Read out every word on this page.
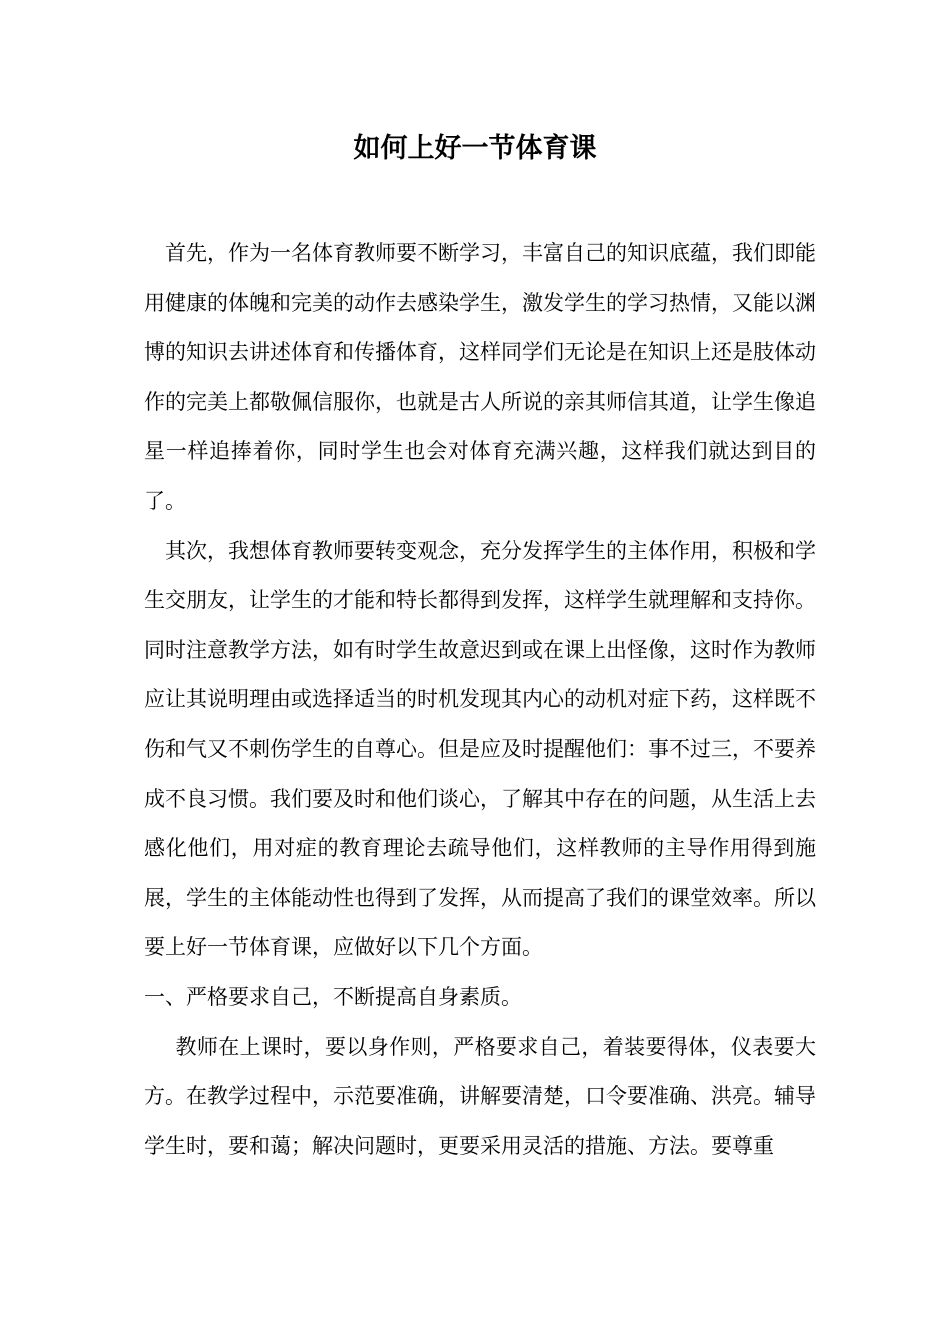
如何上好一节体育课

首先，作为一名体育教师要不断学习，丰富自己的知识底蕴，我们即能用健康的体魄和完美的动作去感染学生，激发学生的学习热情，又能以渊博的知识去讲述体育和传播体育，这样同学们无论是在知识上还是肢体动作的完美上都敬佩信服你，也就是古人所说的亲其师信其道，让学生像追星一样追捧着你，同时学生也会对体育充满兴趣，这样我们就达到目的了。

其次，我想体育教师要转变观念，充分发挥学生的主体作用，积极和学生交朋友，让学生的才能和特长都得到发挥，这样学生就理解和支持你。同时注意教学方法，如有时学生故意迟到或在课上出怪像，这时作为教师应让其说明理由或选择适当的时机发现其内心的动机对症下药，这样既不伤和气又不刺伤学生的自尊心。但是应及时提醒他们：事不过三，不要养成不良习惯。我们要及时和他们谈心，了解其中存在的问题，从生活上去感化他们，用对症的教育理论去疏导他们，这样教师的主导作用得到施展，学生的主体能动性也得到了发挥，从而提高了我们的课堂效率。所以要上好一节体育课，应做好以下几个方面。

一、严格要求自己，不断提高自身素质。

教师在上课时，要以身作则，严格要求自己，着装要得体，仪表要大方。在教学过程中，示范要准确，讲解要清楚，口令要准确、洪亮。辅导学生时，要和蔼；解决问题时，更要采用灵活的措施、方法。要尊重
